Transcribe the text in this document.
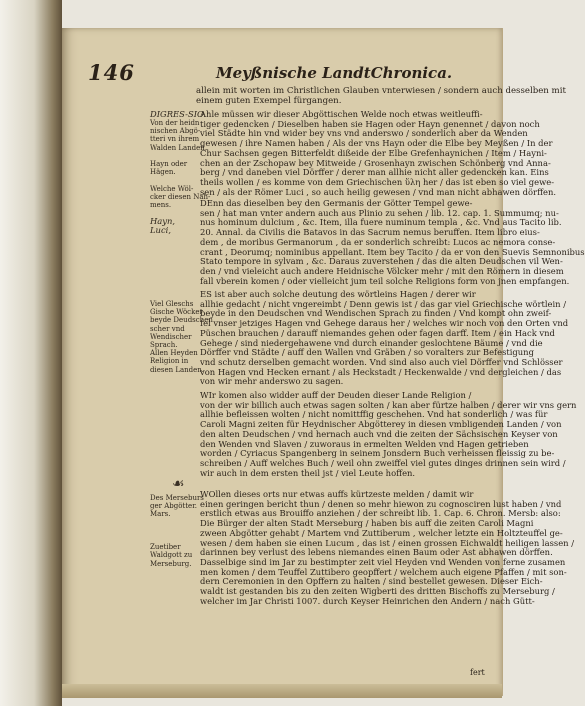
146	Meyßnische LandtChronica.
allein mit worten im Christlichen Glauben vnterwiesen / sondern auch desselben mit
einem guten Exempel fürgangen.
DIGRES-SIO.
Von der heidn
nischen Abgö-
tteri vn ihrem
Walden Landen.

Hayn oder
Hägen.

Welche Wöl-
cker diesen Nah-
mens.

Hayn,
Luci,
Ahle müssen wir dieser Abgöttischen Welde noch etwas weitleuffi-
tiger gedencken / Dieselben haben sie Hagen oder Hayn genennet / davon noch
viel Städte hin vnd wider bey vns vnd anderswo / sonderlich aber da Wenden
gewesen / ihre Namen haben / Als der vns Hayn oder die Elbe bey Meyßen / In der
Chur Sachsen gegen Bitterfeldt dißeide der Elbe Grefenhaynichen / Item / Hayni-
chen an der Zschopaw bey Mitweide / Grosenhayn zwischen Schönberg vnd Anna-
berg / vnd daneben viel Dörffer / derer man allhie nicht aller gedencken kan. Eins
theils wollen / es komme von dem Griechischen ὕλη her / das ist eben so viel gewe-
sen / als der Römer Luci , so auch heilig gewesen / vnd man nicht abhawen dörffen.
DEnn das dieselben bey den Germanis der Götter Tempel gewe-
sen / hat man vnter andern auch aus Plinio zu sehen / lib. 12. cap. 1. Summumq; nu-
nus hominum dulcium , &c. Item, illa fuere numinum templa , &c. Vnd aus Tacito lib.
20. Annal. da Civilis die Batavos in das Sacrum nemus beruffen. Item libro eius-
dem , de moribus Germanorum , da er sonderlich schreibt: Lucos ac nemora conse-
crant , Deorumq; nominibus appellant. Item bey Tacito / da er von den Suevis Semnonibus
Stato tempore in sylvam , &c. Daraus zuverstehen / das die alten Deudschen vil Wen-
den / vnd vieleicht auch andere Heidnische Völcker mehr / mit den Römern in diesem
fall vberein komen / oder vielleicht jum teil solche Religions form von jnen empfangen.
Viel Gleschs
Gische Wöcker
beyde Deudschen
scher vnd
Wendischer
Sprach.
Allen Heyden
Religion in
diesen Landen.
ES ist aber auch solche deutung des wörtleins Hagen / derer wir
allhie gedacht / nicht vngereimbt / Denn gewis ist / das gar viel Griechische wörtlein /
beyde in den Deudschen vnd Wendischen Sprach zu finden / Vnd kompt ohn zweif-
fel vnser jetziges Hagen vnd Gehege daraus her / welches wir noch von den Orten vnd
Püschen brauchen / darauff niemandes gehen oder fagen darff. Item / ein Hack vnd
Gehege / sind niedergehawene vnd durch einander geslochtene Bäume / vnd die
Dörffer vnd Städte / auff den Wallen vnd Gräben / so voralters zur Befestigung
vnd schutz derselben gemacht worden. Vnd sind also auch viel Dörffer vnd Schlösser
von Hagen vnd Hecken ernant / als Heckstadt / Heckenwalde / vnd dergleichen / das
von wir mehr anderswo zu sagen.
WIr komen also widder auff der Deuden dieser Lande Religion /
von der wir billich auch etwas sagen solten / kan aber fürtze halben / derer wir vns gern
allhie befleissen wolten / nicht nomittffig geschehen. Vnd hat sonderlich / was für
Caroli Magni zeiten für Heydnischer Abgötterey in diesen vmbligenden Landen / von
den alten Deudschen / vnd hernach auch vnd die zeiten der Sächsischen Keyser von
den Wenden vnd Slaven / zuworaus in ermelten Welden vnd Hagen getrieben
worden / Cyriacus Spangenberg in seinem Jonsdern Buch verheissen fleissig zu be-
schreiben / Auff welches Buch / weil ohn zweiffel viel gutes dinges drinnen sein wird /
wir auch in dem ersten theil jst / viel Leute hoffen.
☙
Des Merseburs
ger Abgötter.
Mars.

Zuetiber
Waldgott zu
Merseburg.
WOllen dieses orts nur etwas auffs kürtzeste melden / damit wir
einen geringen bericht thun / denen so mehr hiewon zu cognosciren lust haben / vnd
erstlich etwas aus Brouiffo anziehen / der schreibt lib. 1. Cap. 6. Chron. Mersb: also:
Die Bürger der alten Stadt Merseburg / haben bis auff die zeiten Caroli Magni
zween Abgötter gehabt / Martem vnd Zuttiberum , welcher letzte ein Holtzteuffel ge-
wesen / dem haben sie einen Lucum , das ist / einen grossen Eichwaldt heiligen lassen /
darinnen bey verlust des lebens niemandes einen Baum oder Ast abhawen dörffen.
Dasselbige sind im Jar zu bestimpter zeit viel Heyden vnd Wenden von ferne zusamen
men komen / dem Teuffel Zuttibero geopffert / welchem auch eigene Pfaffen / mit son-
dern Ceremonien in den Opffern zu halten / sind bestellet gewesen. Dieser Eich-
waldt ist gestanden bis zu den zeiten Wigberti des dritten Bischoffs zu Merseburg /
welcher im Jar Christi 1007. durch Keyser Heinrichen den Andern / nach Gütt-
fert
